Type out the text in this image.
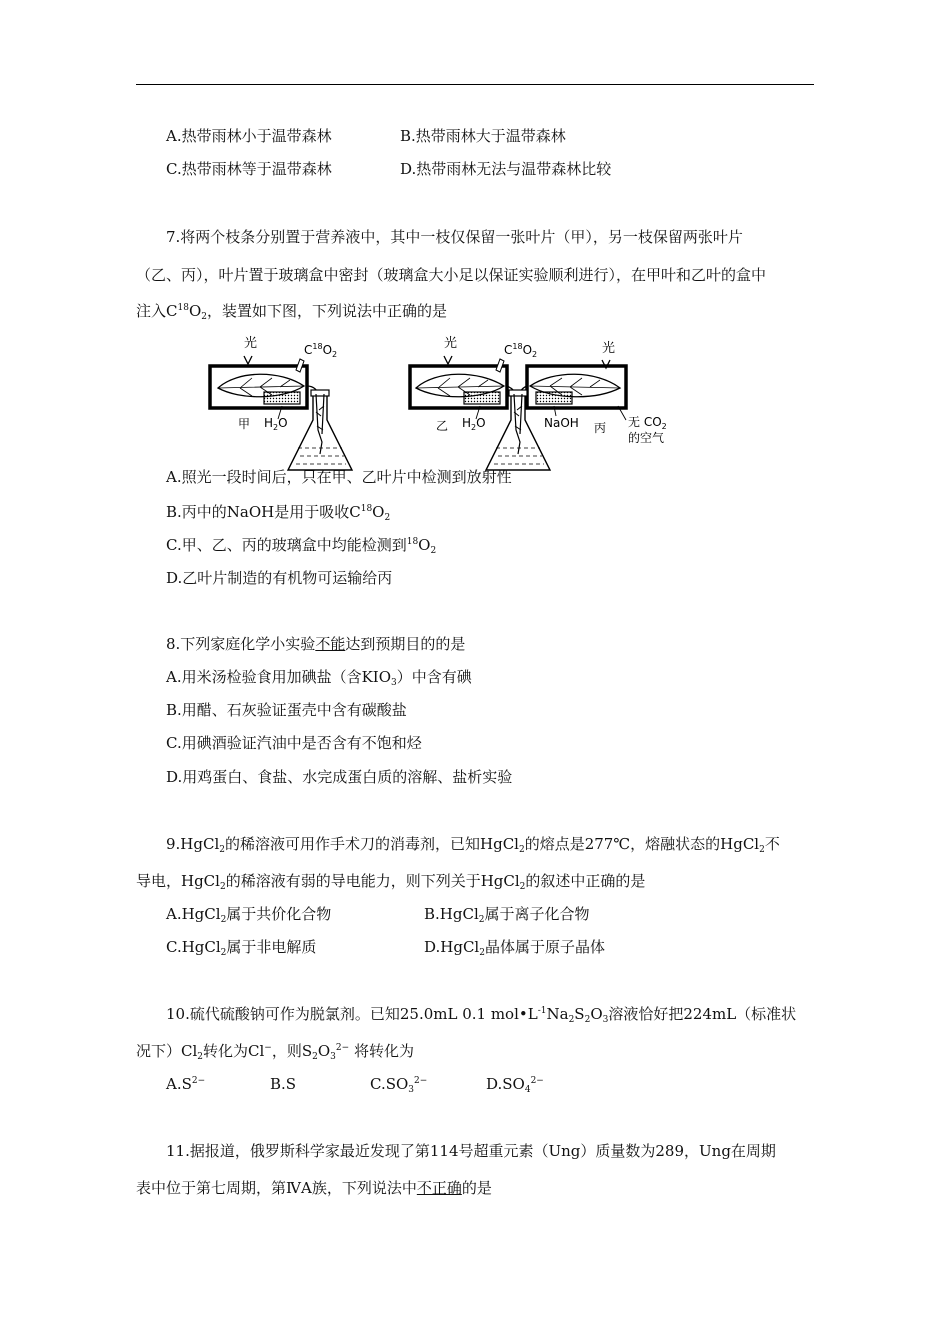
A.热带雨林小于温带森林	B.热带雨林大于温带森林
C.热带雨林等于温带森林	D.热带雨林无法与温带森林比较
7.将两个枝条分别置于营养液中，其中一枝仅保留一张叶片（甲），另一枝保留两张叶片
（乙、丙），叶片置于玻璃盒中密封（玻璃盒大小足以保证实验顺利进行），在甲叶和乙叶的盒中
注入$C^{18}O_2$，装置如下图，下列说法中正确的是
光	$C^{18}O_2$
甲 $H_2O$
光	光
$C^{18}O_2$
乙 $H_2O$	NaOH 丙 无 $CO_2$
的空气
A.照光一段时间后，只在甲、乙叶片中检测到放射性
B.丙中的NaOH是用于吸收$C^{18}O_2$
C.甲、乙、丙的玻璃盒中均能检测到$^{18}O_2$
D.乙叶片制造的有机物可运输给丙
8.下列家庭化学小实验不能达到预期目的的是
A.用米汤检验食用加碘盐（含$KIO_3$）中含有碘
B.用醋、石灰验证蛋壳中含有碳酸盐
C.用碘酒验证汽油中是否含有不饱和烃
D.用鸡蛋白、食盐、水完成蛋白质的溶解、盐析实验
9.HgCl$_2$的稀溶液可用作手术刀的消毒剂，已知HgCl$_2$的熔点是277℃，熔融状态的HgCl$_2$不
导电，HgCl$_2$的稀溶液有弱的导电能力，则下列关于HgCl$_2$的叙述中正确的是
A.HgCl$_2$属于共价化合物	B.HgCl$_2$属于离子化合物
C.HgCl$_2$属于非电解质	D.HgCl$_2$晶体属于原子晶体
10.硫代硫酸钠可作为脱氯剂。已知25.0mL 0.1 $mol•L^{-1}Na_2S_2O_3$溶液恰好把224mL（标准状
况下）$Cl_2$转化为Cl−，则$S_2O_3^{2-}$ 将转化为
$A.S^{2-}$	B.S	$C.SO_3^{2-}$	$D.SO_4^{2-}$
11.据报道，俄罗斯科学家最近发现了第114号超重元素（Ung）质量数为289，Ung在周期
表中位于第七周期，第ⅣA族，下列说法中不正确的是
